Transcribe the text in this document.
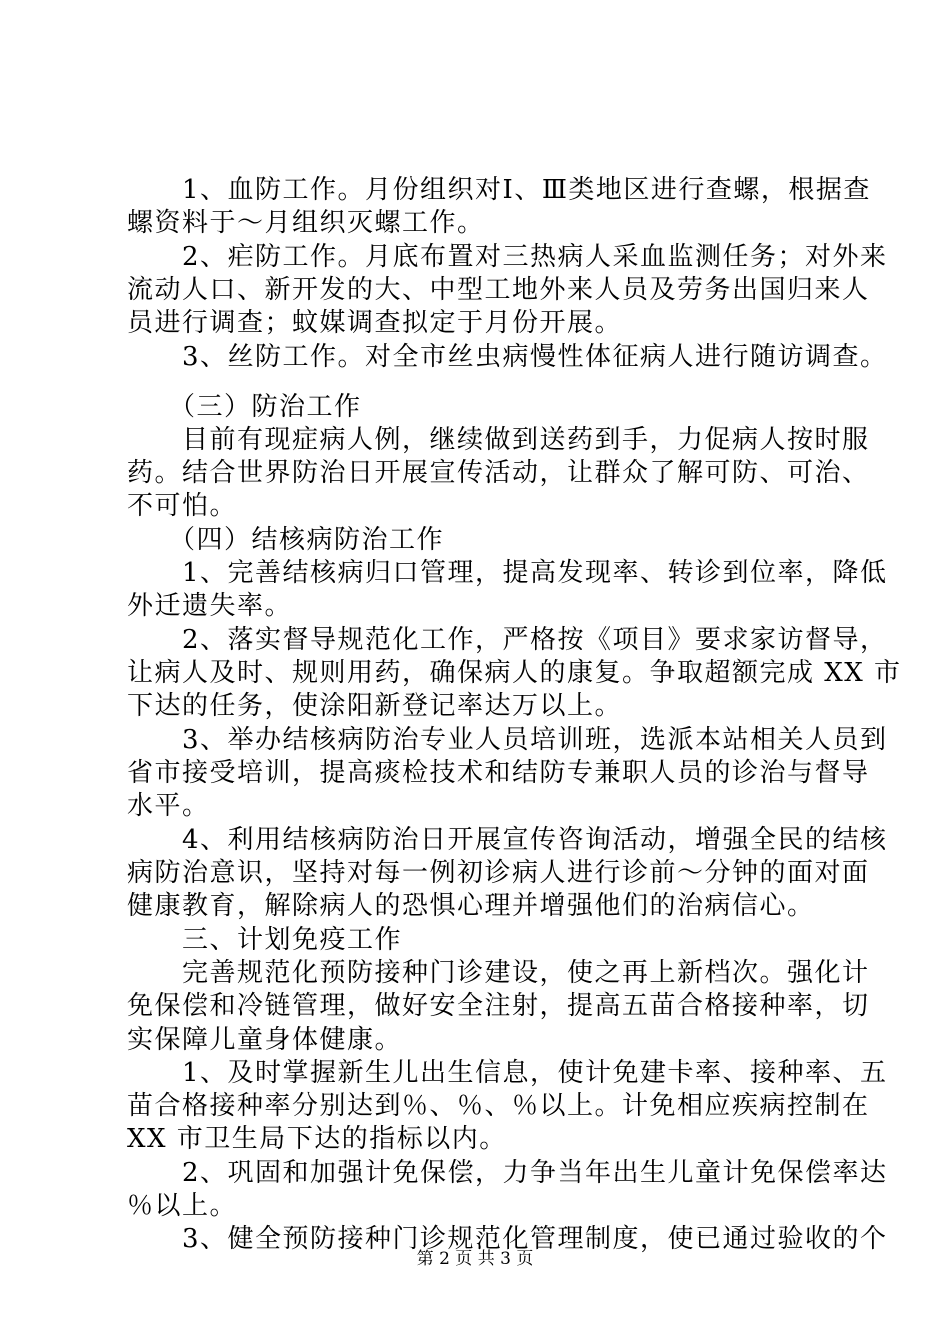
　　1、血防工作。月份组织对Ⅰ、Ⅲ类地区进行查螺，根据查
螺资料于～月组织灭螺工作。
　　2、疟防工作。月底布置对三热病人采血监测任务；对外来
流动人口、新开发的大、中型工地外来人员及劳务出国归来人
员进行调查；蚊媒调查拟定于月份开展。
　　3、丝防工作。对全市丝虫病慢性体征病人进行随访调查。
　　（三）防治工作
　　目前有现症病人例，继续做到送药到手，力促病人按时服
药。结合世界防治日开展宣传活动，让群众了解可防、可治、
不可怕。
　　（四）结核病防治工作
　　1、完善结核病归口管理，提高发现率、转诊到位率，降低
外迁遗失率。
　　2、落实督导规范化工作，严格按《项目》要求家访督导，
让病人及时、规则用药，确保病人的康复。争取超额完成 XX 市
下达的任务，使涂阳新登记率达万以上。
　　3、举办结核病防治专业人员培训班，选派本站相关人员到
省市接受培训，提高痰检技术和结防专兼职人员的诊治与督导
水平。
　　4、利用结核病防治日开展宣传咨询活动，增强全民的结核
病防治意识，坚持对每一例初诊病人进行诊前～分钟的面对面
健康教育，解除病人的恐惧心理并增强他们的治病信心。
　　三、计划免疫工作
　　完善规范化预防接种门诊建设，使之再上新档次。强化计
免保偿和冷链管理，做好安全注射，提高五苗合格接种率，切
实保障儿童身体健康。
　　1、及时掌握新生儿出生信息，使计免建卡率、接种率、五
苗合格接种率分别达到％、％、％以上。计免相应疾病控制在
XX 市卫生局下达的指标以内。
　　2、巩固和加强计免保偿，力争当年出生儿童计免保偿率达
％以上。
　　3、健全预防接种门诊规范化管理制度，使已通过验收的个
第 2 页 共 3 页
